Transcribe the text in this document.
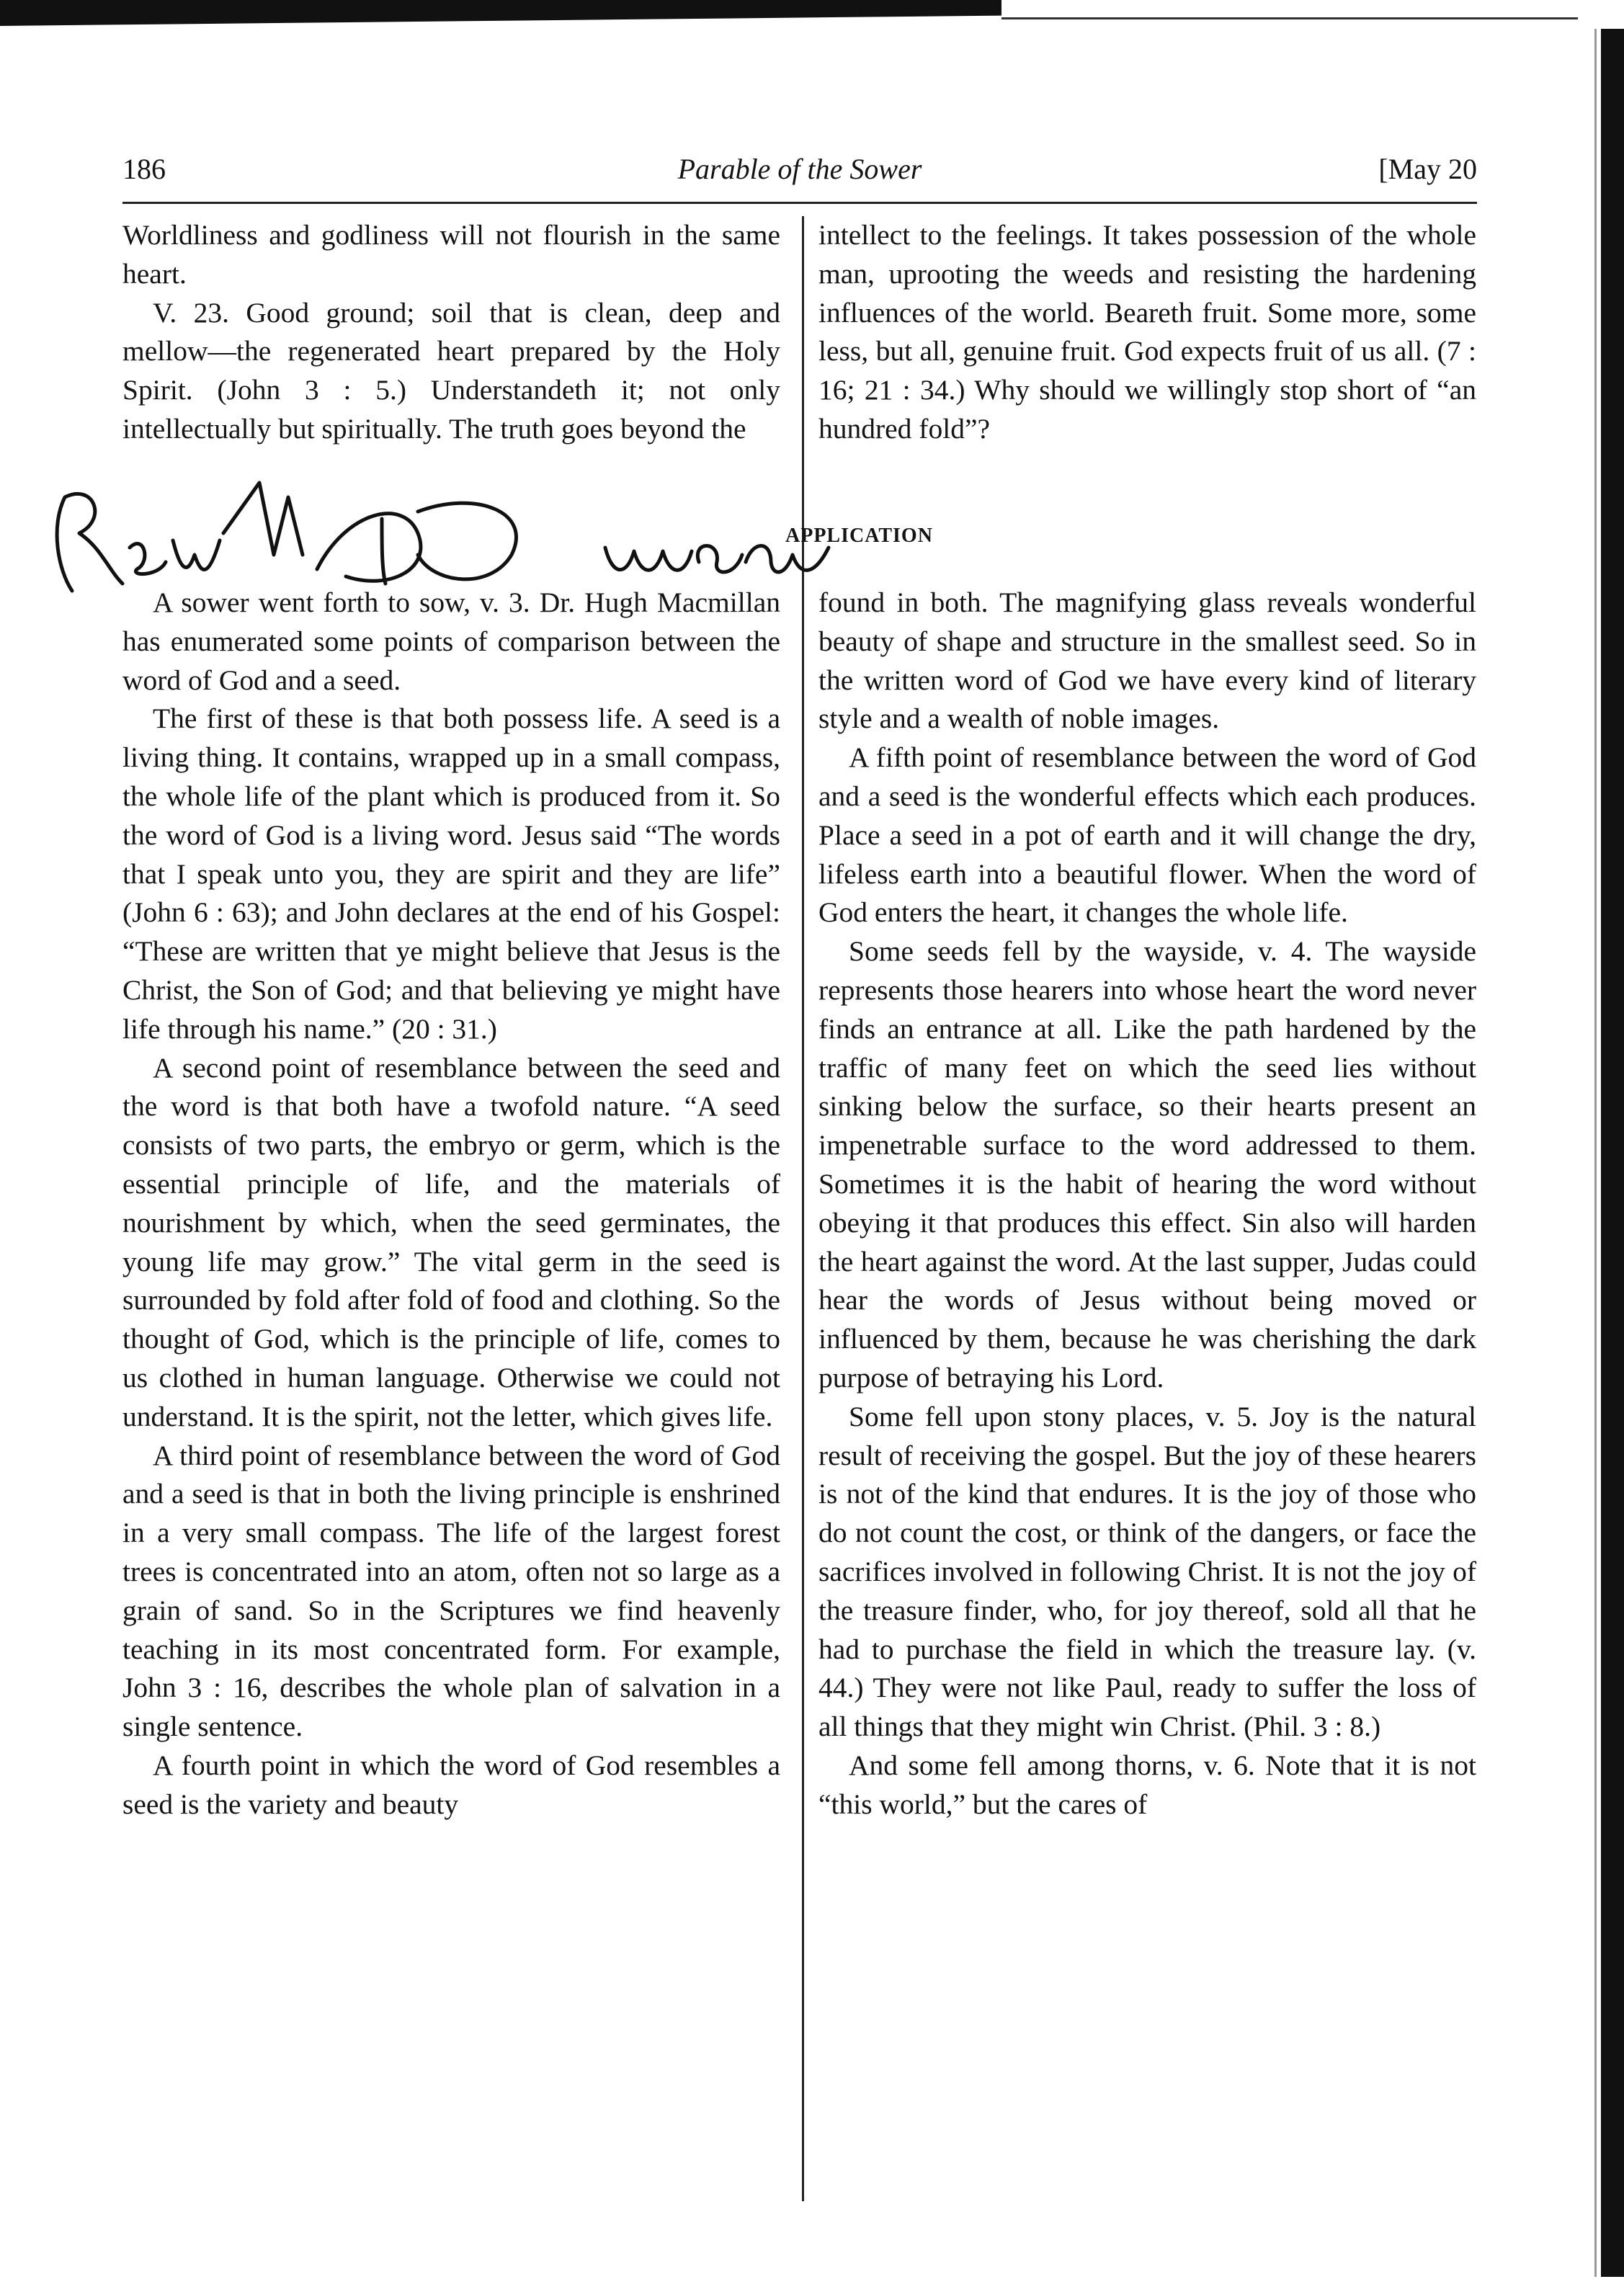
186	Parable of the Sower	[May 20

Worldliness and godliness will not flourish in the same heart.

V. 23. Good ground; soil that is clean, deep and mellow—the regenerated heart prepared by the Holy Spirit. (John 3 : 5.) Understandeth it; not only intellectually but spiritually. The truth goes beyond the

intellect to the feelings. It takes possession of the whole man, uprooting the weeds and resisting the hardening influences of the world. Beareth fruit. Some more, some less, but all, genuine fruit. God expects fruit of us all. (7 : 16; 21 : 34.) Why should we willingly stop short of “an hundred fold”?

APPLICATION

A sower went forth to sow, v. 3. Dr. Hugh Macmillan has enumerated some points of comparison between the word of God and a seed.

The first of these is that both possess life. A seed is a living thing. It contains, wrapped up in a small compass, the whole life of the plant which is produced from it. So the word of God is a living word. Jesus said “The words that I speak unto you, they are spirit and they are life” (John 6 : 63); and John declares at the end of his Gospel: “These are written that ye might believe that Jesus is the Christ, the Son of God; and that believing ye might have life through his name.” (20 : 31.)

A second point of resemblance between the seed and the word is that both have a twofold nature. “A seed consists of two parts, the embryo or germ, which is the essential principle of life, and the materials of nourishment by which, when the seed germinates, the young life may grow.” The vital germ in the seed is surrounded by fold after fold of food and clothing. So the thought of God, which is the principle of life, comes to us clothed in human language. Otherwise we could not understand. It is the spirit, not the letter, which gives life.

A third point of resemblance between the word of God and a seed is that in both the living principle is enshrined in a very small compass. The life of the largest forest trees is concentrated into an atom, often not so large as a grain of sand. So in the Scriptures we find heavenly teaching in its most concentrated form. For example, John 3 : 16, describes the whole plan of salvation in a single sentence.

A fourth point in which the word of God resembles a seed is the variety and beauty

found in both. The magnifying glass reveals wonderful beauty of shape and structure in the smallest seed. So in the written word of God we have every kind of literary style and a wealth of noble images.

A fifth point of resemblance between the word of God and a seed is the wonderful effects which each produces. Place a seed in a pot of earth and it will change the dry, lifeless earth into a beautiful flower. When the word of God enters the heart, it changes the whole life.

Some seeds fell by the wayside, v. 4. The wayside represents those hearers into whose heart the word never finds an entrance at all. Like the path hardened by the traffic of many feet on which the seed lies without sinking below the surface, so their hearts present an impenetrable surface to the word addressed to them. Sometimes it is the habit of hearing the word without obeying it that produces this effect. Sin also will harden the heart against the word. At the last supper, Judas could hear the words of Jesus without being moved or influenced by them, because he was cherishing the dark purpose of betraying his Lord.

Some fell upon stony places, v. 5. Joy is the natural result of receiving the gospel. But the joy of these hearers is not of the kind that endures. It is the joy of those who do not count the cost, or think of the dangers, or face the sacrifices involved in following Christ. It is not the joy of the treasure finder, who, for joy thereof, sold all that he had to purchase the field in which the treasure lay. (v. 44.) They were not like Paul, ready to suffer the loss of all things that they might win Christ. (Phil. 3 : 8.)

And some fell among thorns, v. 6. Note that it is not “this world,” but the cares of
